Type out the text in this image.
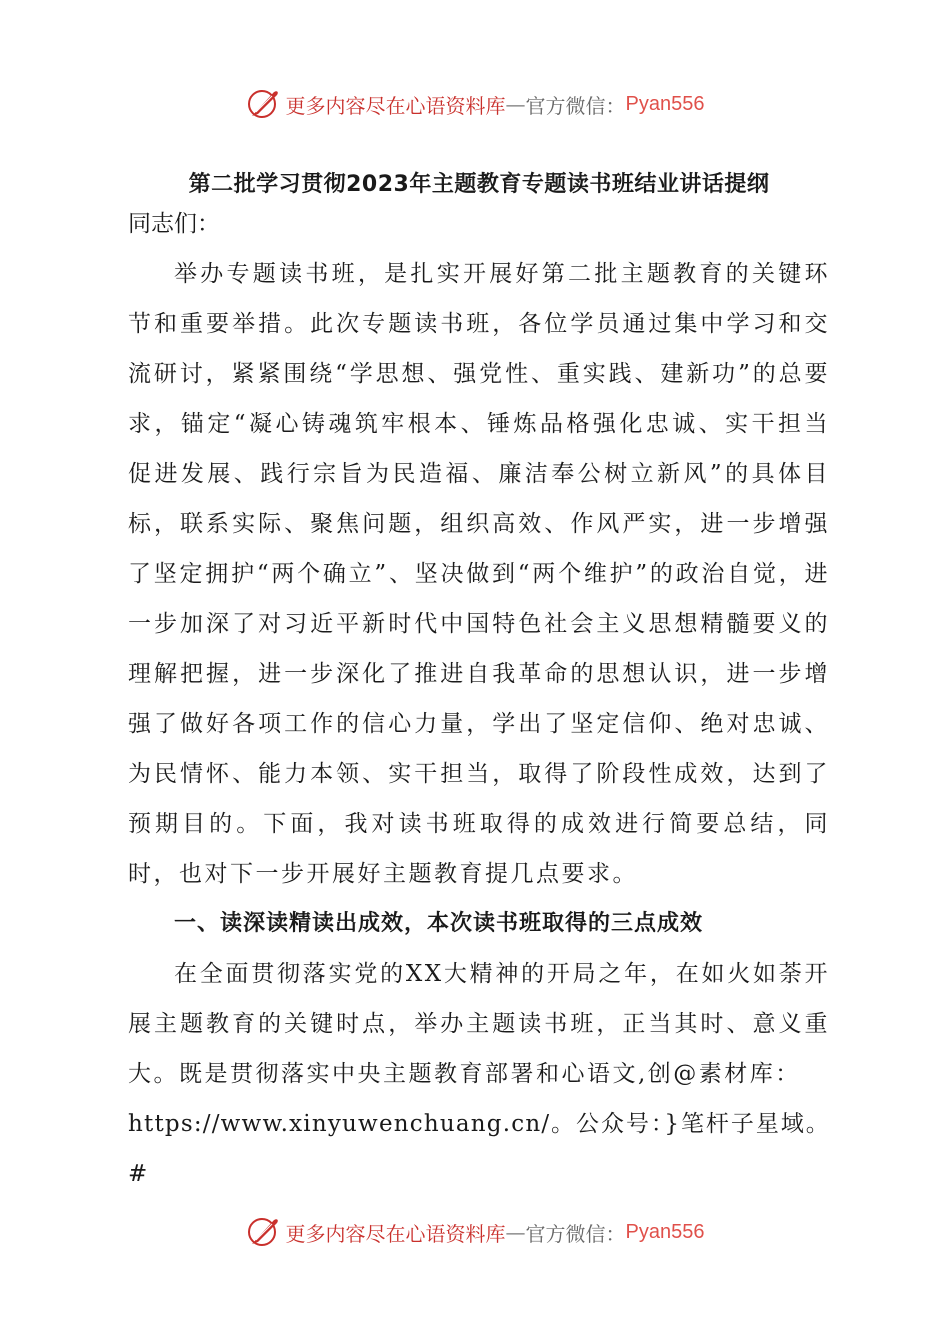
更多内容尽在心语资料库 — 官方微信： Pyan556
第二批学习贯彻2023年主题教育专题读书班结业讲话提纲

同志们：

举办专题读书班，是扎实开展好第二批主题教育的关键环节和重要举措。此次专题读书班，各位学员通过集中学习和交流研讨，紧紧围绕“学思想、强党性、重实践、建新功”的总要求，锚定“凝心铸魂筑牢根本、锤炼品格强化忠诚、实干担当促进发展、践行宗旨为民造福、廉洁奉公树立新风”的具体目标，联系实际、聚焦问题，组织高效、作风严实，进一步增强了坚定拥护“两个确立”、坚决做到“两个维护”的政治自觉，进一步加深了对习近平新时代中国特色社会主义思想精髓要义的理解把握，进一步深化了推进自我革命的思想认识，进一步增强了做好各项工作的信心力量，学出了坚定信仰、绝对忠诚、为民情怀、能力本领、实干担当，取得了阶段性成效，达到了预期目的。下面，我对读书班取得的成效进行简要总结，同时，也对下一步开展好主题教育提几点要求。

一、读深读精读出成效，本次读书班取得的三点成效

在全面贯彻落实党的XX大精神的开局之年，在如火如荼开展主题教育的关键时点，举办主题读书班，正当其时、意义重大。既是贯彻落实中央主题教育部署和心语文,创@素材库：

https://www.xinyuwenchuang.cn/。公众号：}笔杆子星域。#

更多内容尽在心语资料库 — 官方微信： Pyan556
